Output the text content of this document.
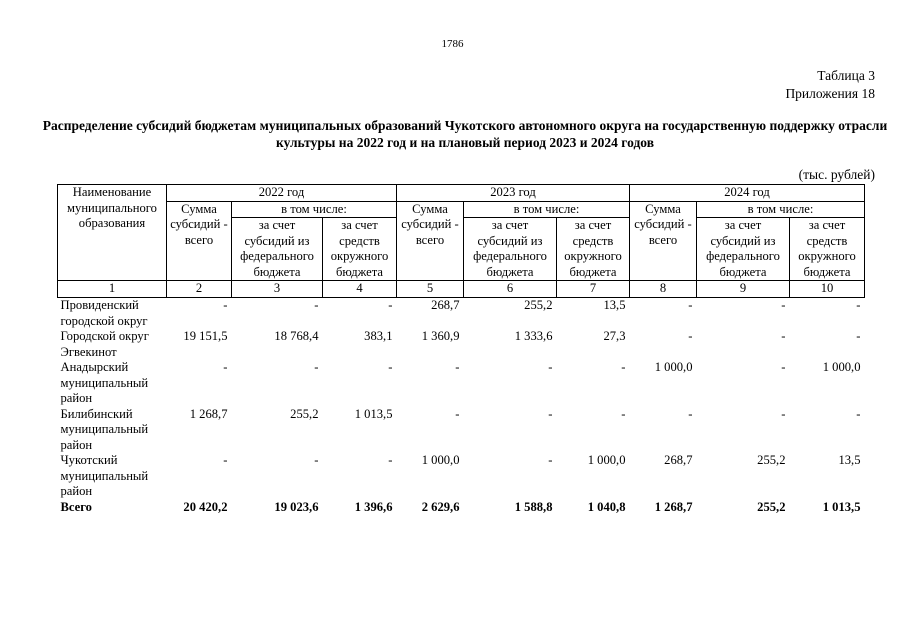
1786
Таблица 3
Приложения 18
Распределение субсидий бюджетам муниципальных образований Чукотского автономного округа на государственную поддержку отрасли культуры на 2022 год и на плановый период 2023 и 2024 годов
(тыс. рублей)
Наименование муниципального образования	2022 год			2023 год			2024 год		
	Сумма субсидий - всего	в том числе:		Сумма субсидий - всего	в том числе:		Сумма субсидий - всего	в том числе:	
		за счет субсидий из федерального бюджета	за счет средств окружного бюджета		за счет субсидий из федерального бюджета	за счет средств окружного бюджета		за счет субсидий из федерального бюджета	за счет средств окружного бюджета
1	2	3	4	5	6	7	8	9	10
Провиденский городской округ	-	-	-	268,7	255,2	13,5	-	-	-
Городской округ Эгвекинот	19 151,5	18 768,4	383,1	1 360,9	1 333,6	27,3	-	-	-
Анадырский муниципальный район	-	-	-	-	-	-	1 000,0	-	1 000,0
Билибинский муниципальный район	1 268,7	255,2	1 013,5	-	-	-	-	-	-
Чукотский муниципальный район	-	-	-	1 000,0	-	1 000,0	268,7	255,2	13,5
Всего	20 420,2	19 023,6	1 396,6	2 629,6	1 588,8	1 040,8	1 268,7	255,2	1 013,5
